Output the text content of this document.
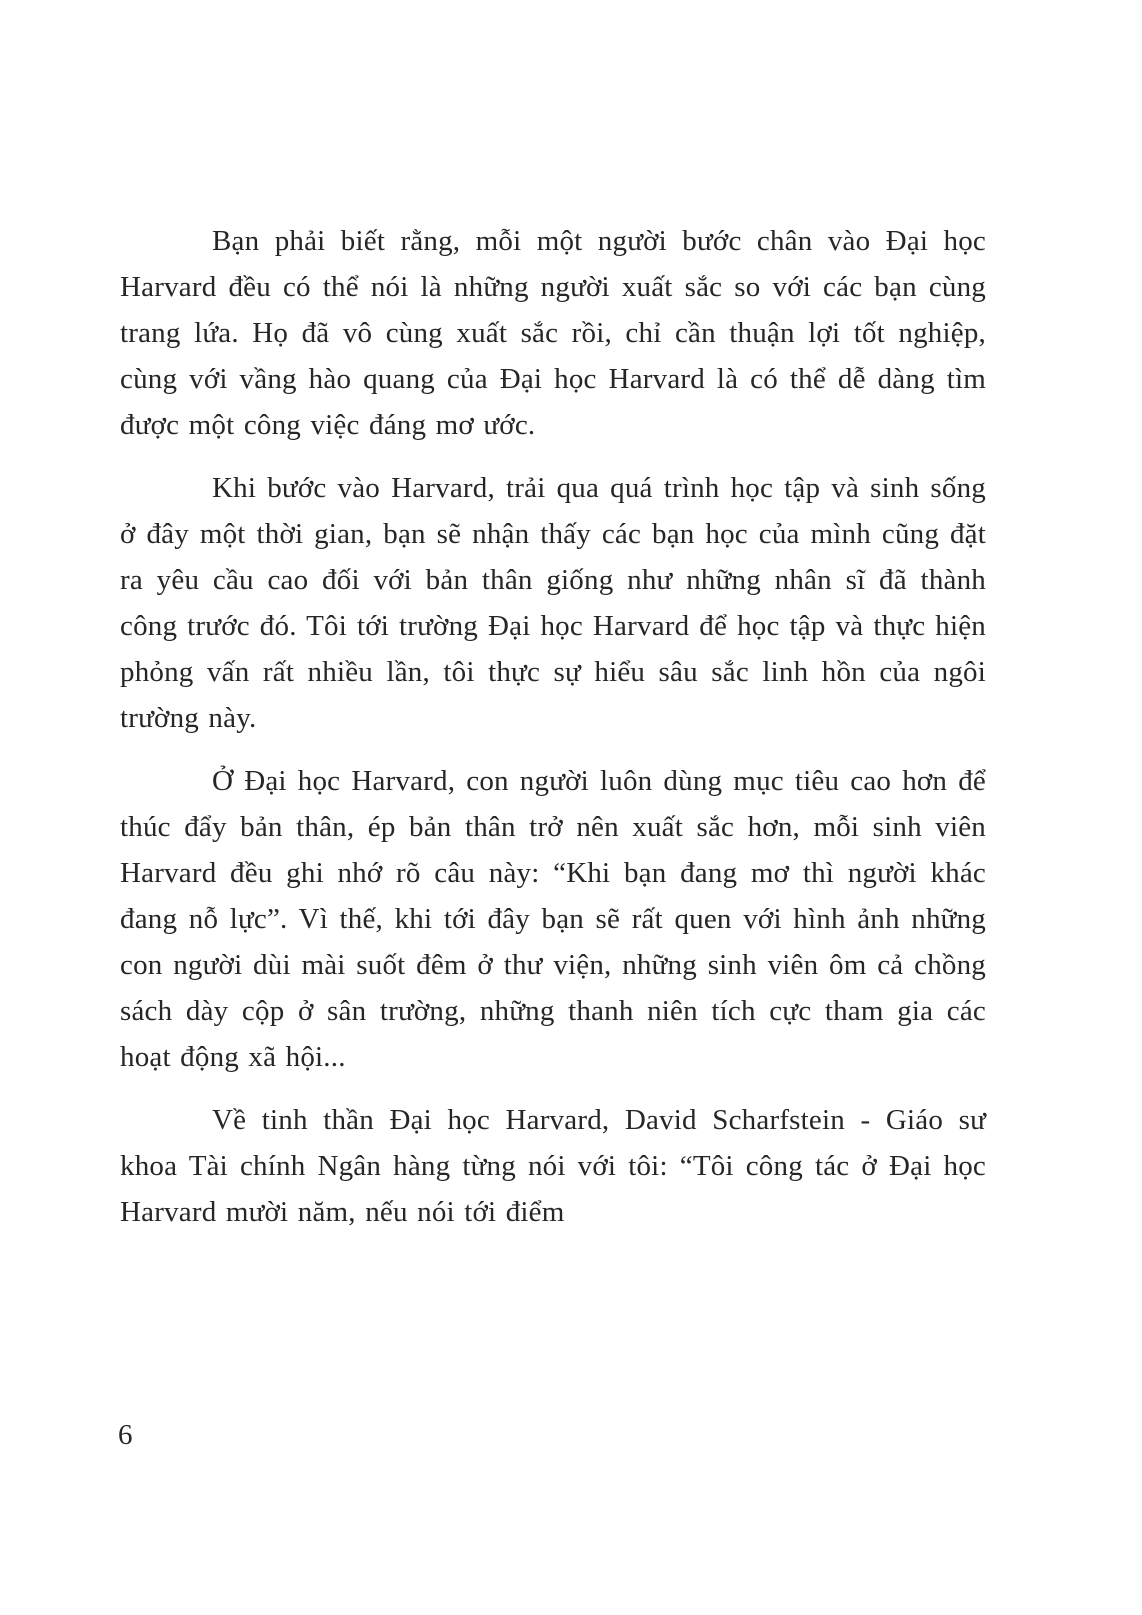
Bạn phải biết rằng, mỗi một người bước chân vào Đại học Harvard đều có thể nói là những người xuất sắc so với các bạn cùng trang lứa. Họ đã vô cùng xuất sắc rồi, chỉ cần thuận lợi tốt nghiệp, cùng với vầng hào quang của Đại học Harvard là có thể dễ dàng tìm được một công việc đáng mơ ước.

Khi bước vào Harvard, trải qua quá trình học tập và sinh sống ở đây một thời gian, bạn sẽ nhận thấy các bạn học của mình cũng đặt ra yêu cầu cao đối với bản thân giống như những nhân sĩ đã thành công trước đó. Tôi tới trường Đại học Harvard để học tập và thực hiện phỏng vấn rất nhiều lần, tôi thực sự hiểu sâu sắc linh hồn của ngôi trường này.

Ở Đại học Harvard, con người luôn dùng mục tiêu cao hơn để thúc đẩy bản thân, ép bản thân trở nên xuất sắc hơn, mỗi sinh viên Harvard đều ghi nhớ rõ câu này: “Khi bạn đang mơ thì người khác đang nỗ lực”. Vì thế, khi tới đây bạn sẽ rất quen với hình ảnh những con người dùi mài suốt đêm ở thư viện, những sinh viên ôm cả chồng sách dày cộp ở sân trường, những thanh niên tích cực tham gia các hoạt động xã hội...

Về tinh thần Đại học Harvard, David Scharfstein - Giáo sư khoa Tài chính Ngân hàng từng nói với tôi: “Tôi công tác ở Đại học Harvard mười năm, nếu nói tới điểm

6
